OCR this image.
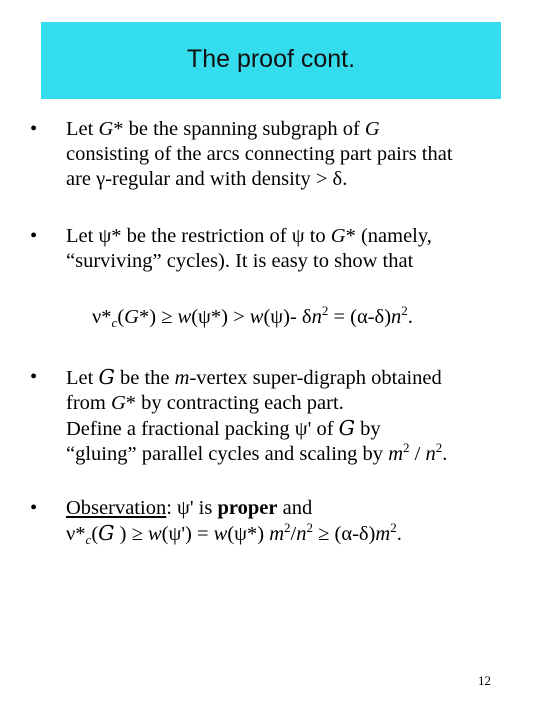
The proof cont.
• Let G* be the spanning subgraph of G
consisting of the arcs connecting part pairs that
are γ-regular and with density > δ.
• Let ψ* be the restriction of ψ to G* (namely,
“surviving” cycles). It is easy to show that
$\nu*_c(G*) \ge w(\psi*) > w(\psi)-$ $\delta n^2 = (\alpha-\delta)n^2$.
• Let G be the m-vertex super-digraph obtained
from G* by contracting each part.
Define a fractional packing ψ' of G by
“gluing” parallel cycles and scaling by $m^2 / n^2$.
• Observation: ψ' is proper and
$\nu*_c(G$ ) ≥ w(ψ') = w(ψ*) $m^2/n^2 \ge (\alpha-\delta)m^2$.
12
